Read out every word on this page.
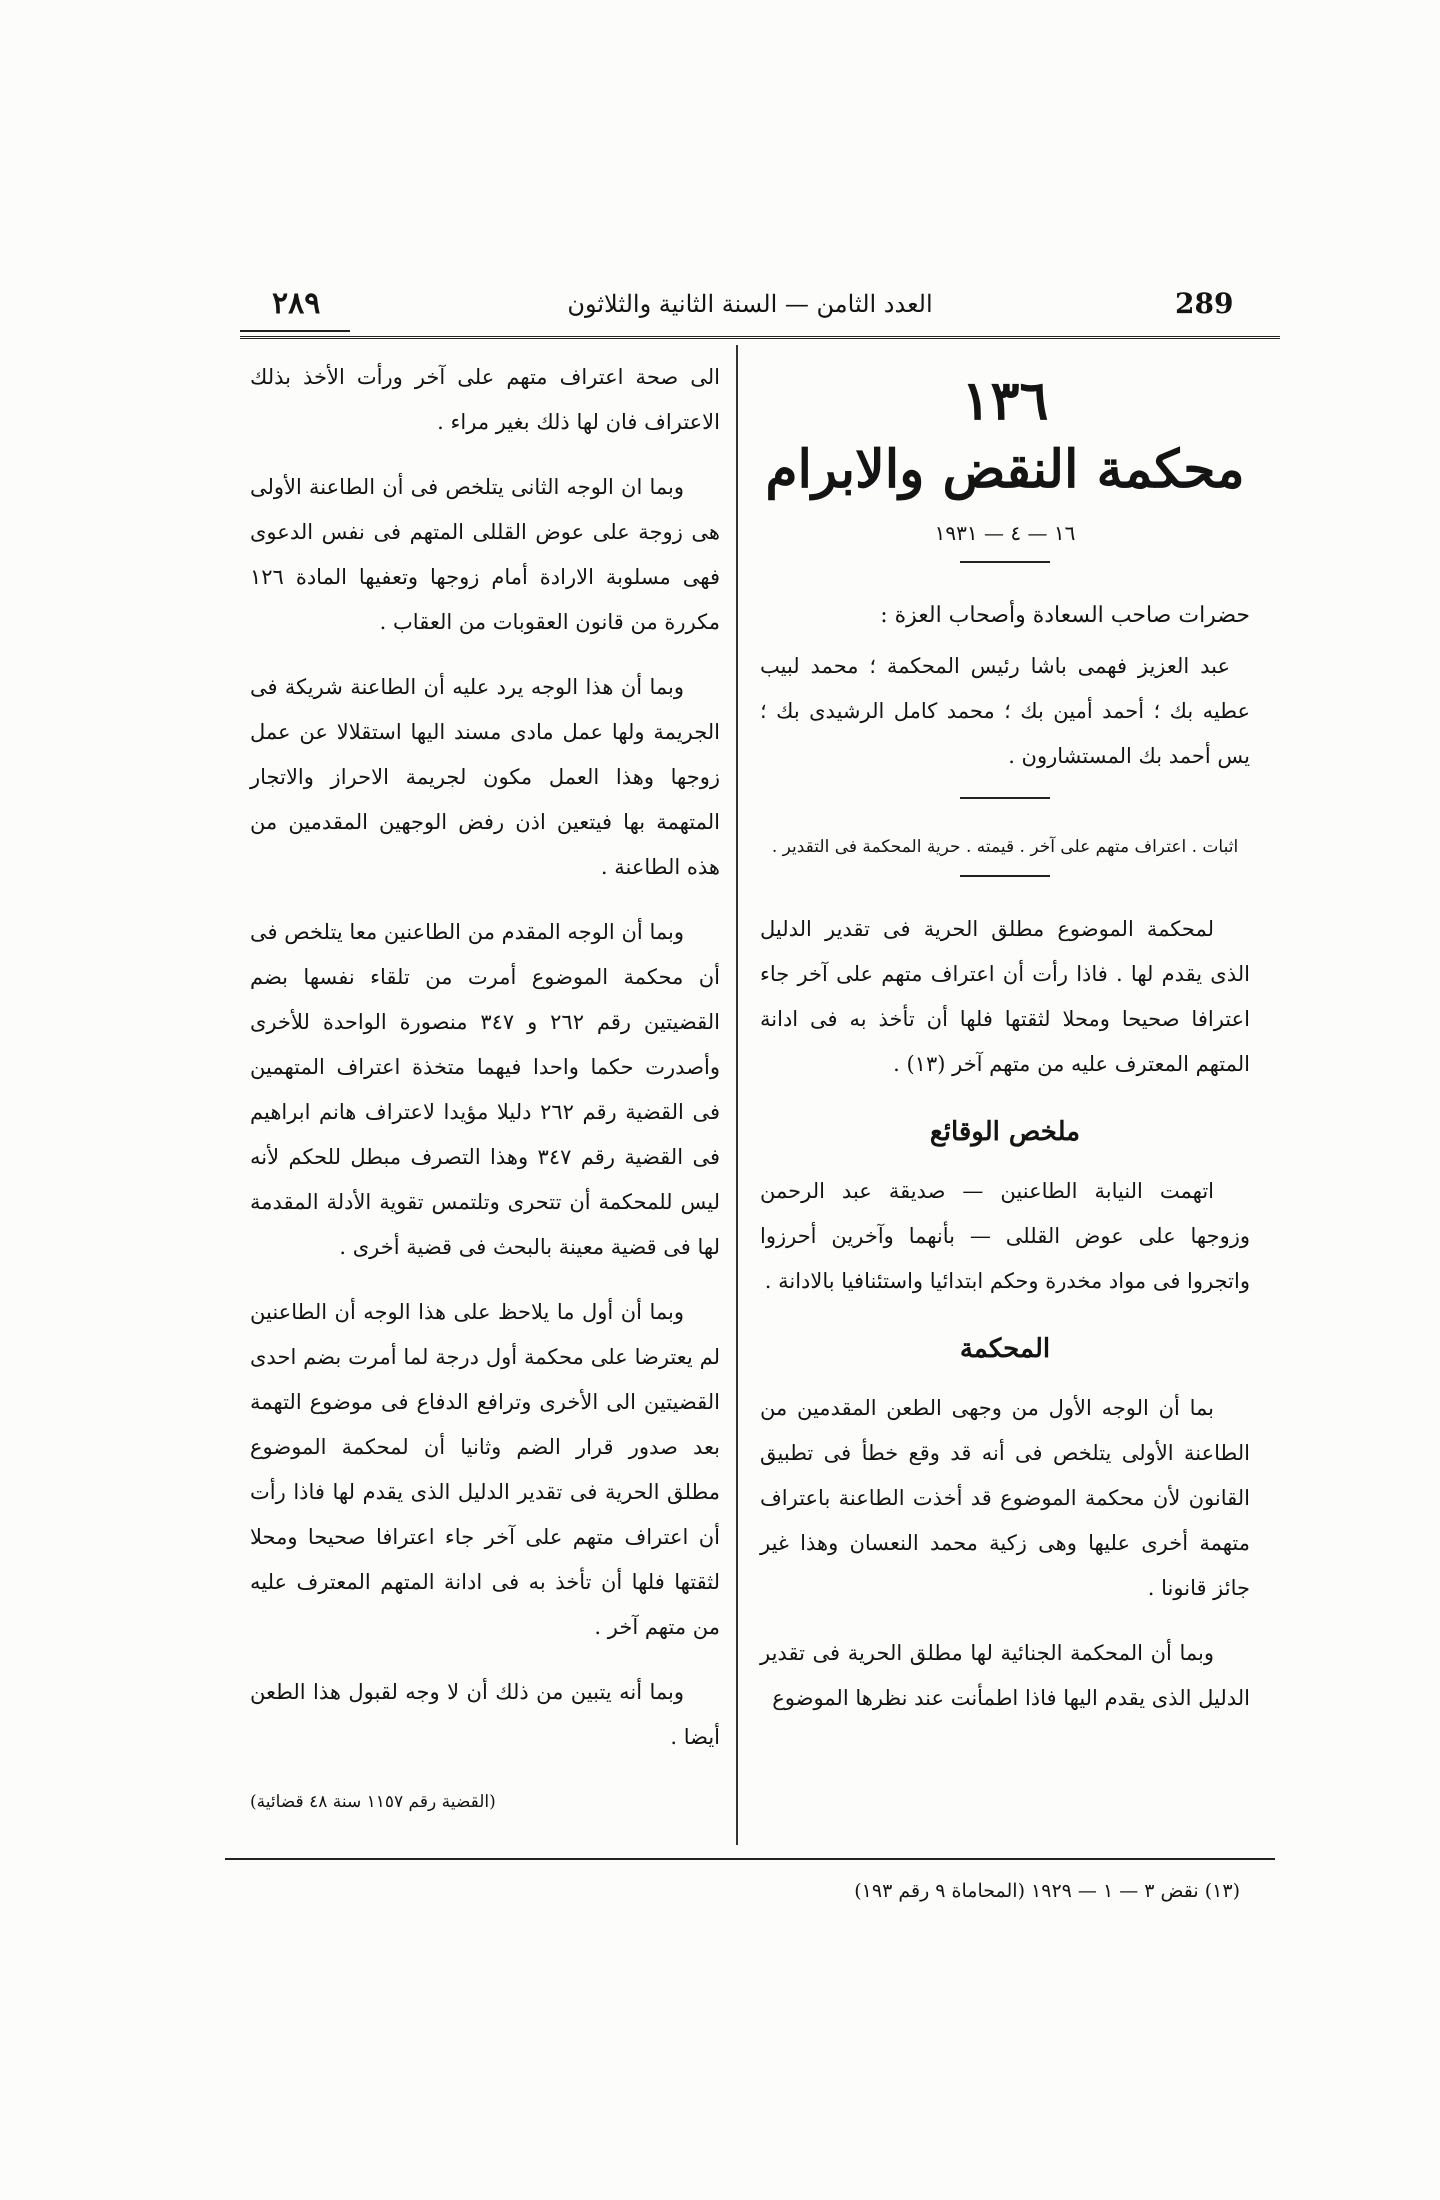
٢٨٩	العدد الثامن — السنة الثانية والثلاثون	289
١٣٦
محكمة النقض والابرام
١٦ — ٤ — ١٩٣١

حضرات صاحب السعادة وأصحاب العزة :

عبد العزيز فهمى باشا رئيس المحكمة ؛ محمد لبيب عطيه بك ؛ أحمد أمين بك ؛ محمد كامل الرشيدى بك ؛ يس أحمد بك المستشارون .

اثبات . اعتراف متهم على آخر . قيمته . حرية المحكمة فى التقدير .

لمحكمة الموضوع مطلق الحرية فى تقدير الدليل الذى يقدم لها . فاذا رأت أن اعتراف متهم على آخر جاء اعترافا صحيحا ومحلا لثقتها فلها أن تأخذ به فى ادانة المتهم المعترف عليه من متهم آخر (١٣) .

ملخص الوقائع

اتهمت النيابة الطاعنين — صديقة عبد الرحمن وزوجها على عوض القللى — بأنهما وآخرين أحرزوا واتجروا فى مواد مخدرة وحكم ابتدائيا واستئنافيا بالادانة .

المحكمة

بما أن الوجه الأول من وجهى الطعن المقدمين من الطاعنة الأولى يتلخص فى أنه قد وقع خطأ فى تطبيق القانون لأن محكمة الموضوع قد أخذت الطاعنة باعتراف متهمة أخرى عليها وهى زكية محمد النعسان وهذا غير جائز قانونا .

وبما أن المحكمة الجنائية لها مطلق الحرية فى تقدير الدليل الذى يقدم اليها فاذا اطمأنت عند نظرها الموضوع

الى صحة اعتراف متهم على آخر ورأت الأخذ بذلك الاعتراف فان لها ذلك بغير مراء .

وبما ان الوجه الثانى يتلخص فى أن الطاعنة الأولى هى زوجة على عوض القللى المتهم فى نفس الدعوى فهى مسلوبة الارادة أمام زوجها وتعفيها المادة ١٢٦ مكررة من قانون العقوبات من العقاب .

وبما أن هذا الوجه يرد عليه أن الطاعنة شريكة فى الجريمة ولها عمل مادى مسند اليها استقلالا عن عمل زوجها وهذا العمل مكون لجريمة الاحراز والاتجار المتهمة بها فيتعين اذن رفض الوجهين المقدمين من هذه الطاعنة .

وبما أن الوجه المقدم من الطاعنين معا يتلخص فى أن محكمة الموضوع أمرت من تلقاء نفسها بضم القضيتين رقم ٢٦٢ و ٣٤٧ منصورة الواحدة للأخرى وأصدرت حكما واحدا فيهما متخذة اعتراف المتهمين فى القضية رقم ٢٦٢ دليلا مؤيدا لاعتراف هانم ابراهيم فى القضية رقم ٣٤٧ وهذا التصرف مبطل للحكم لأنه ليس للمحكمة أن تتحرى وتلتمس تقوية الأدلة المقدمة لها فى قضية معينة بالبحث فى قضية أخرى .

وبما أن أول ما يلاحظ على هذا الوجه أن الطاعنين لم يعترضا على محكمة أول درجة لما أمرت بضم احدى القضيتين الى الأخرى وترافع الدفاع فى موضوع التهمة بعد صدور قرار الضم وثانيا أن لمحكمة الموضوع مطلق الحرية فى تقدير الدليل الذى يقدم لها فاذا رأت أن اعتراف متهم على آخر جاء اعترافا صحيحا ومحلا لثقتها فلها أن تأخذ به فى ادانة المتهم المعترف عليه من متهم آخر .

وبما أنه يتبين من ذلك أن لا وجه لقبول هذا الطعن أيضا .

(القضية رقم ١١٥٧ سنة ٤٨ قضائية)

(١٣) نقض ٣ — ١ — ١٩٢٩ (المحاماة ٩ رقم ١٩٣)
